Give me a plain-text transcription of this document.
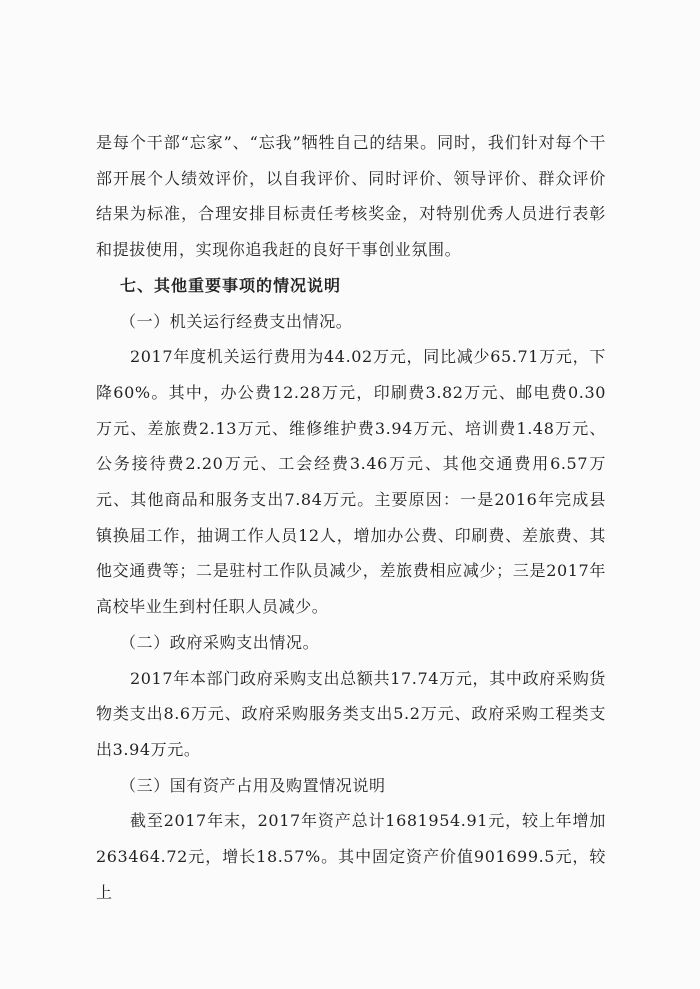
是每个干部“忘家”、“忘我”牺牲自己的结果。同时，我们针对每个干部开展个人绩效评价，以自我评价、同时评价、领导评价、群众评价结果为标准，合理安排目标责任考核奖金，对特别优秀人员进行表彰和提拔使用，实现你追我赶的良好干事创业氛围。

七、其他重要事项的情况说明

（一）机关运行经费支出情况。

2017年度机关运行费用为44.02万元，同比减少65.71万元，下降60%。其中，办公费12.28万元，印刷费3.82万元、邮电费0.30万元、差旅费2.13万元、维修维护费3.94万元、培训费1.48万元、公务接待费2.20万元、工会经费3.46万元、其他交通费用6.57万元、其他商品和服务支出7.84万元。主要原因：一是2016年完成县镇换届工作，抽调工作人员12人，增加办公费、印刷费、差旅费、其他交通费等；二是驻村工作队员减少，差旅费相应减少；三是2017年高校毕业生到村任职人员减少。

（二）政府采购支出情况。

2017年本部门政府采购支出总额共17.74万元，其中政府采购货物类支出8.6万元、政府采购服务类支出5.2万元、政府采购工程类支出3.94万元。

（三）国有资产占用及购置情况说明

截至2017年末，2017年资产总计1681954.91元，较上年增加263464.72元，增长18.57%。其中固定资产价值901699.5元，较上
